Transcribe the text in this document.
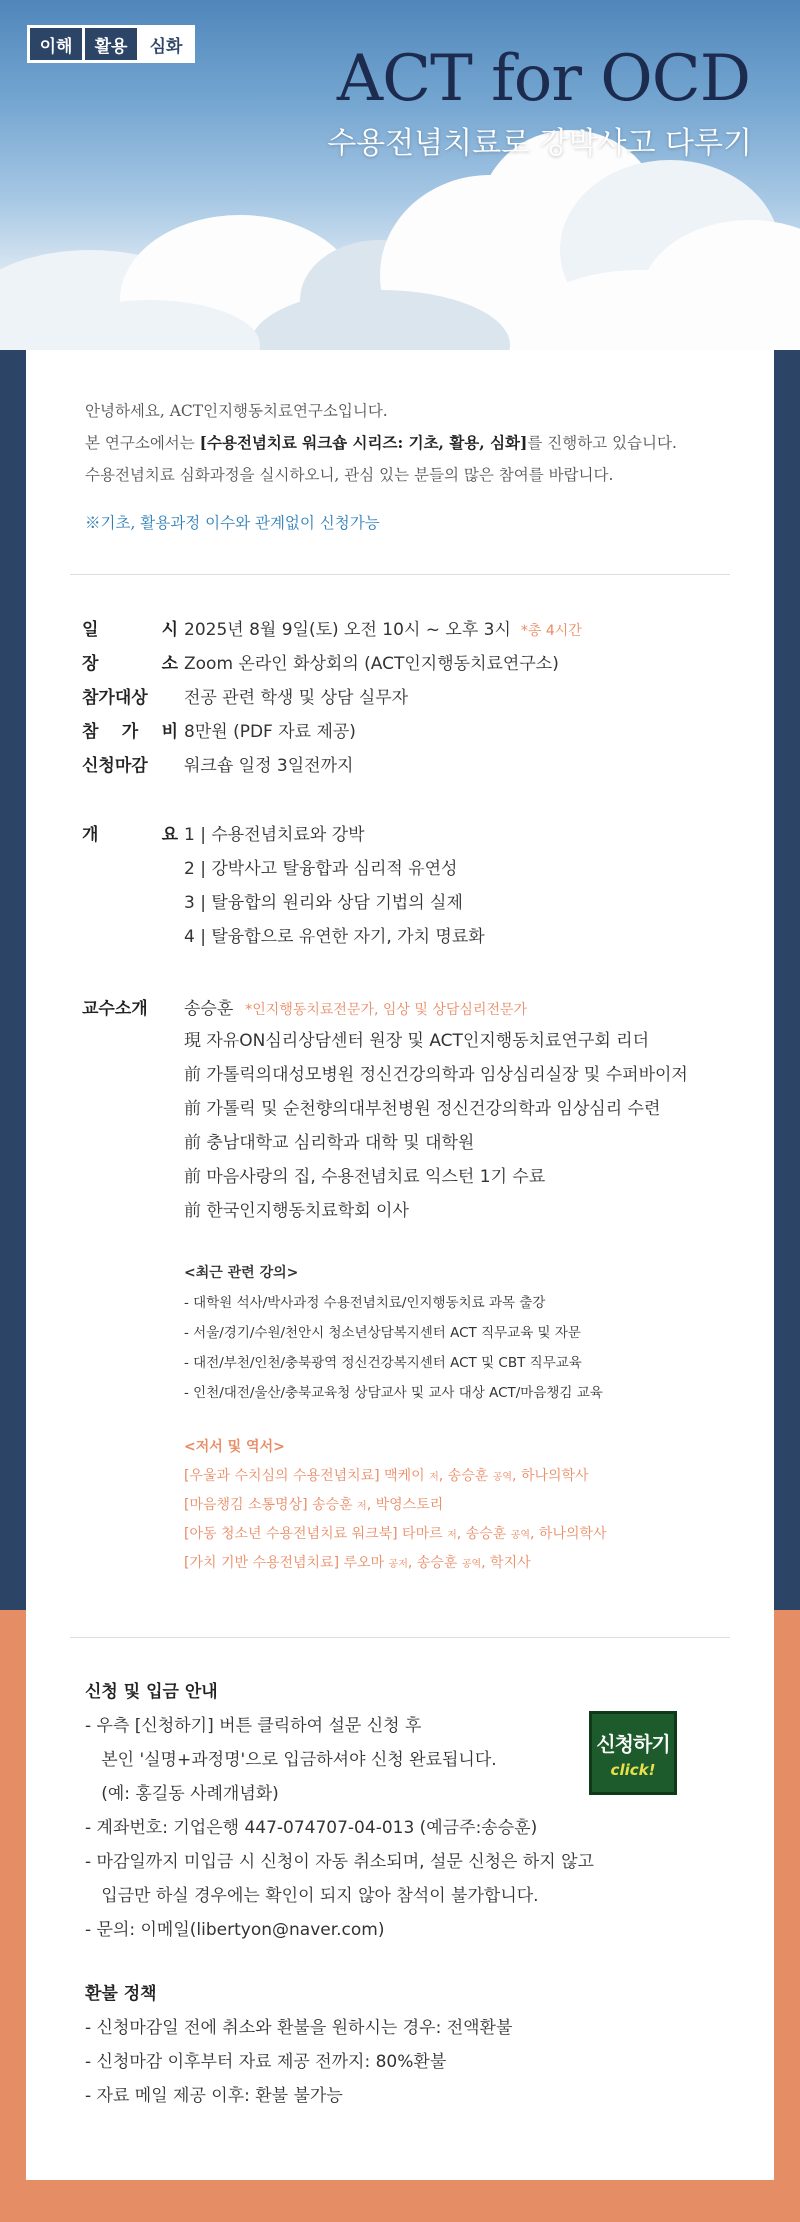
이해	활용	심화 ACT for OCD
수용전념치료로 강박사고 다루기
안녕하세요, ACT인지행동치료연구소입니다.
본 연구소에서는 [수용전념치료 워크숍 시리즈: 기초, 활용, 심화]를 진행하고 있습니다.
수용전념치료 심화과정을 실시하오니, 관심 있는 분들의 많은 참여를 바랍니다.
※기초, 활용과정 이수와 관계없이 신청가능
일	시 2025년 8월 9일(토) 오전 10시 ~ 오후 3시 *총 4시간
장	소 Zoom 온라인 화상회의 (ACT인지행동치료연구소)
참가대상 전공 관련 학생 및 상담 실무자
참 가 비 8만원 (PDF 자료 제공)
신청마감 워크숍 일정 3일전까지
개	요 1 | 수용전념치료와 강박
2 | 강박사고 탈융합과 심리적 유연성
3 | 탈융합의 원리와 상담 기법의 실제
4 | 탈융합으로 유연한 자기, 가치 명료화
교수소개 송승훈 *인지행동치료전문가, 임상 및 상담심리전문가
現 자유ON심리상담센터 원장 및 ACT인지행동치료연구회 리더
前 가톨릭의대성모병원 정신건강의학과 임상심리실장 및 수퍼바이저
前 가톨릭 및 순천향의대부천병원 정신건강의학과 임상심리 수련
前 충남대학교 심리학과 대학 및 대학원
前 마음사랑의 집, 수용전념치료 익스턴 1기 수료
前 한국인지행동치료학회 이사
<최근 관련 강의>
- 대학원 석사/박사과정 수용전념치료/인지행동치료 과목 출강
- 서울/경기/수원/천안시 청소년상담복지센터 ACT 직무교육 및 자문
- 대전/부천/인천/충북광역 정신건강복지센터 ACT 및 CBT 직무교육
- 인천/대전/울산/충북교육청 상담교사 및 교사 대상 ACT/마음챙김 교육
<저서 및 역서>
[우울과 수치심의 수용전념치료] 맥케이 저, 송승훈 공역, 하나의학사
[마음챙김 소통명상] 송승훈 저, 박영스토리
[아동 청소년 수용전념치료 워크북] 타마르 저, 송승훈 공역, 하나의학사
[가치 기반 수용전념치료] 루오마 공저, 송승훈 공역, 학지사
신청 및 입금 안내
- 우측 [신청하기] 버튼 클릭하여 설문 신청 후
본인 '실명+과정명'으로 입금하셔야 신청 완료됩니다.
(예: 홍길동 사례개념화)
- 계좌번호: 기업은행 447-074707-04-013 (예금주:송승훈)
- 마감일까지 미입금 시 신청이 자동 취소되며, 설문 신청은 하지 않고
입금만 하실 경우에는 확인이 되지 않아 참석이 불가합니다.
- 문의: 이메일(libertyon@naver.com)
환불 정책
- 신청마감일 전에 취소와 환불을 원하시는 경우: 전액환불
- 신청마감 이후부터 자료 제공 전까지: 80%환불
- 자료 메일 제공 이후: 환불 불가능
신청하기
click!
